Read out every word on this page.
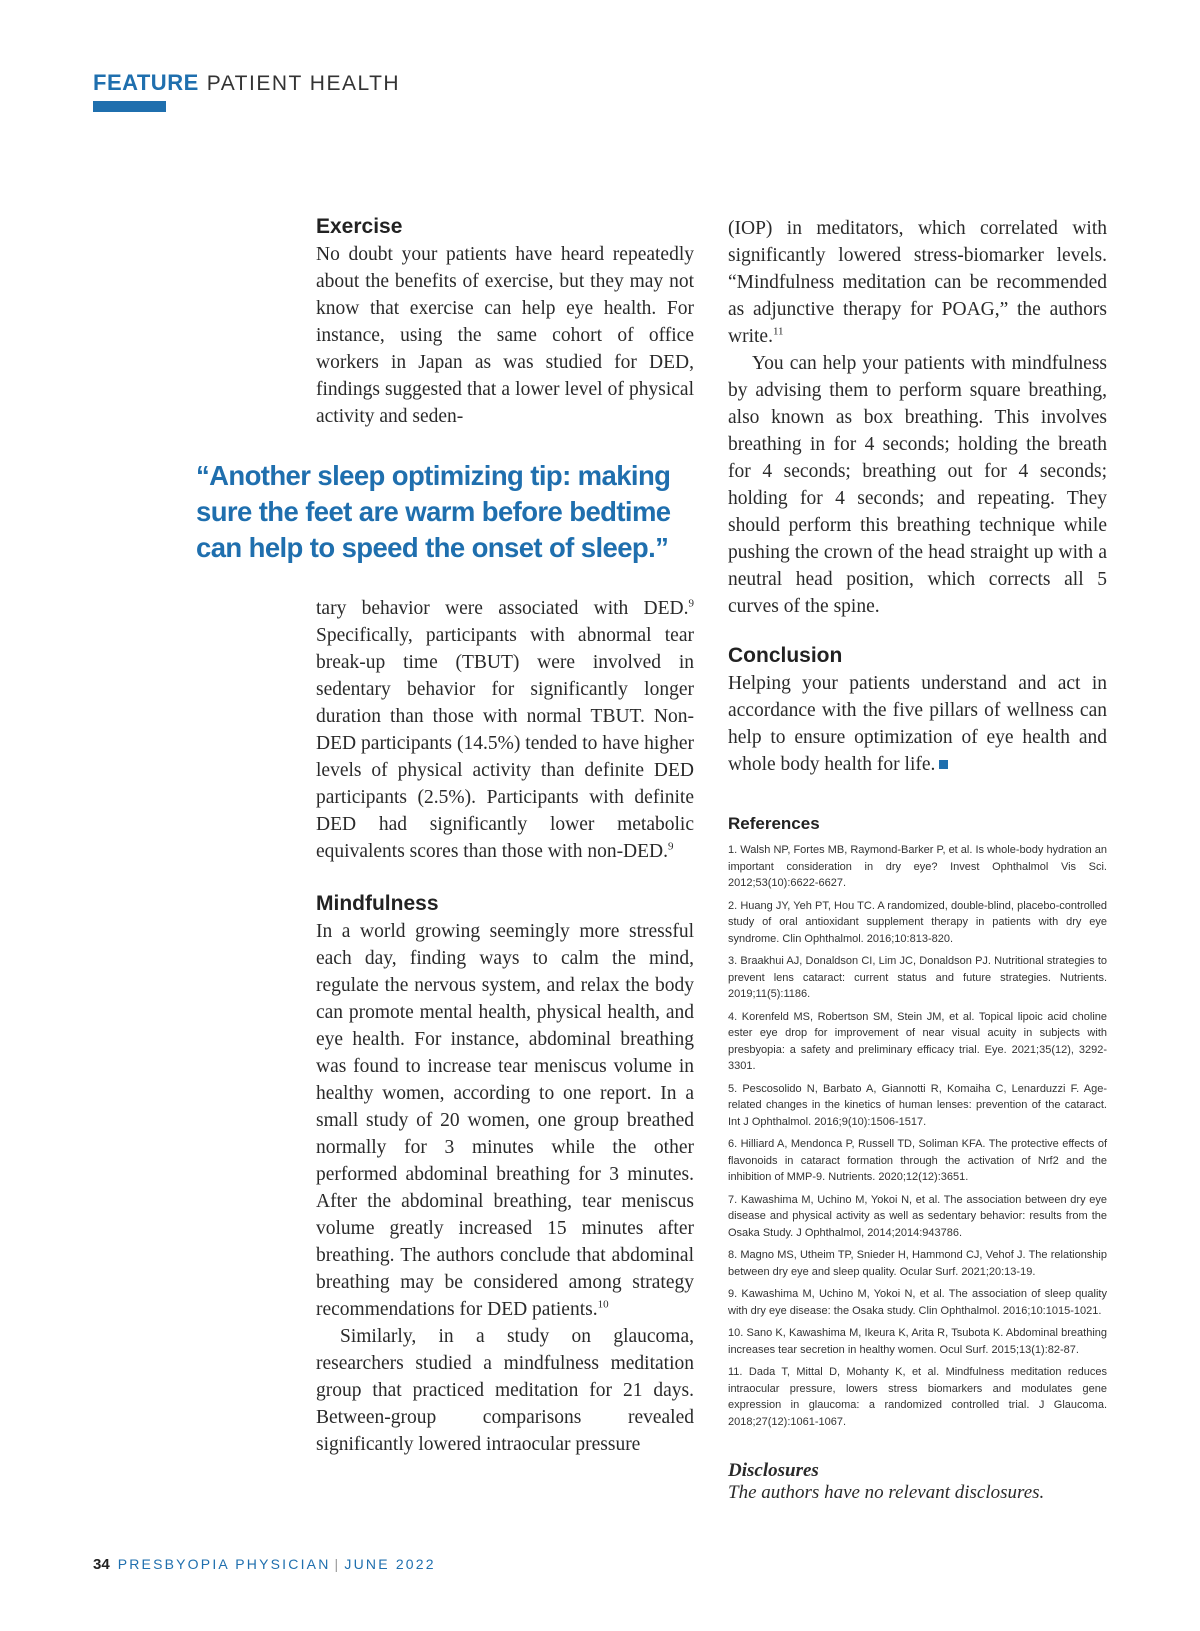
FEATURE PATIENT HEALTH
Exercise

No doubt your patients have heard repeatedly about the benefits of exercise, but they may not know that exercise can help eye health. For instance, using the same cohort of office workers in Japan as was studied for DED, findings suggested that a lower level of physical activity and seden-

“Another sleep optimizing tip: making sure the feet are warm before bedtime can help to speed the onset of sleep.”

tary behavior were associated with DED.$^9$ Specifically, participants with abnormal tear break-up time (TBUT) were involved in sedentary behavior for significantly longer duration than those with normal TBUT. Non-DED participants (14.5%) tended to have higher levels of physical activity than definite DED participants (2.5%). Participants with definite DED had significantly lower metabolic equivalents scores than those with non-DED.$^9$

Mindfulness

In a world growing seemingly more stressful each day, finding ways to calm the mind, regulate the nervous system, and relax the body can promote mental health, physical health, and eye health. For instance, abdominal breathing was found to increase tear meniscus volume in healthy women, according to one report. In a small study of 20 women, one group breathed normally for 3 minutes while the other performed abdominal breathing for 3 minutes. After the abdominal breathing, tear meniscus volume greatly increased 15 minutes after breathing. The authors conclude that abdominal breathing may be considered among strategy recommendations for DED patients.$^{10}$

Similarly, in a study on glaucoma, researchers studied a mindfulness meditation group that practiced meditation for 21 days. Between-group comparisons revealed significantly lowered intraocular pressure

(IOP) in meditators, which correlated with significantly lowered stress-biomarker levels. “Mindfulness meditation can be recommended as adjunctive therapy for POAG,” the authors write.$^{11}$

You can help your patients with mindfulness by advising them to perform square breathing, also known as box breathing. This involves breathing in for 4 seconds; holding the breath for 4 seconds; breathing out for 4 seconds; holding for 4 seconds; and repeating. They should perform this breathing technique while pushing the crown of the head straight up with a neutral head position, which corrects all 5 curves of the spine.

Conclusion

Helping your patients understand and act in accordance with the five pillars of wellness can help to ensure optimization of eye health and whole body health for life.

References
1. Walsh NP, Fortes MB, Raymond-Barker P, et al. Is whole-body hydration an important consideration in dry eye? Invest Ophthalmol Vis Sci. 2012;53(10):6622-6627.
2. Huang JY, Yeh PT, Hou TC. A randomized, double-blind, placebo-controlled study of oral antioxidant supplement therapy in patients with dry eye syndrome. Clin Ophthalmol. 2016;10:813-820.
3. Braakhui AJ, Donaldson CI, Lim JC, Donaldson PJ. Nutritional strategies to prevent lens cataract: current status and future strategies. Nutrients. 2019;11(5):1186.
4. Korenfeld MS, Robertson SM, Stein JM, et al. Topical lipoic acid choline ester eye drop for improvement of near visual acuity in subjects with presbyopia: a safety and preliminary efficacy trial. Eye. 2021;35(12), 3292-3301.
5. Pescosolido N, Barbato A, Giannotti R, Komaiha C, Lenarduzzi F. Age-related changes in the kinetics of human lenses: prevention of the cataract. Int J Ophthalmol. 2016;9(10):1506-1517.
6. Hilliard A, Mendonca P, Russell TD, Soliman KFA. The protective effects of flavonoids in cataract formation through the activation of Nrf2 and the inhibition of MMP-9. Nutrients. 2020;12(12):3651.
7. Kawashima M, Uchino M, Yokoi N, et al. The association between dry eye disease and physical activity as well as sedentary behavior: results from the Osaka Study. J Ophthalmol, 2014;2014:943786.
8. Magno MS, Utheim TP, Snieder H, Hammond CJ, Vehof J. The relationship between dry eye and sleep quality. Ocular Surf. 2021;20:13-19.
9. Kawashima M, Uchino M, Yokoi N, et al. The association of sleep quality with dry eye disease: the Osaka study. Clin Ophthalmol. 2016;10:1015-1021.
10. Sano K, Kawashima M, Ikeura K, Arita R, Tsubota K. Abdominal breathing increases tear secretion in healthy women. Ocul Surf. 2015;13(1):82-87.
11. Dada T, Mittal D, Mohanty K, et al. Mindfulness meditation reduces intraocular pressure, lowers stress biomarkers and modulates gene expression in glaucoma: a randomized controlled trial. J Glaucoma. 2018;27(12):1061-1067.

Disclosures

The authors have no relevant disclosures.

34 PRESBYOPIA PHYSICIAN | JUNE 2022
